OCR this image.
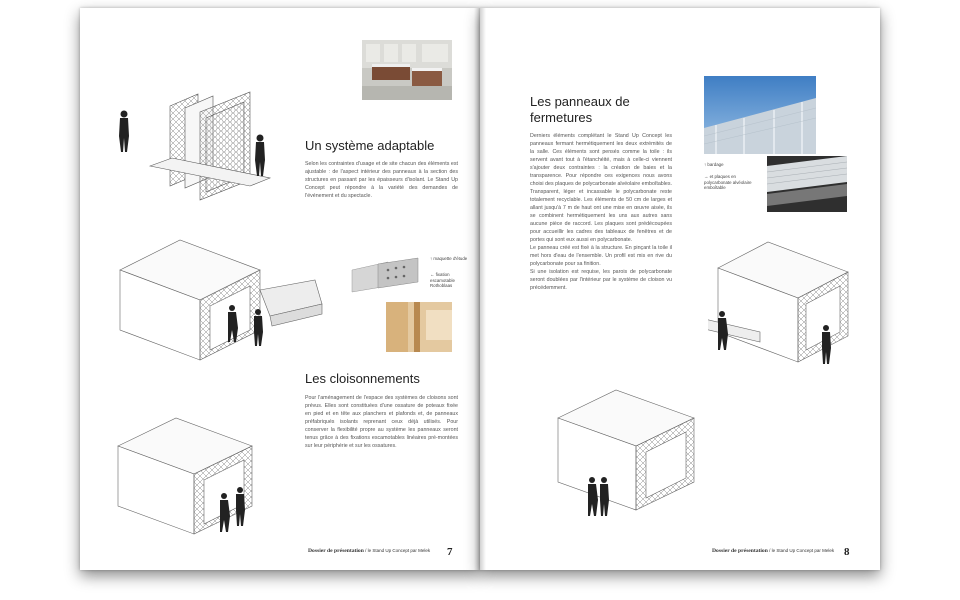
Un système adaptable

Selon les contraintes d'usage et de site chacun des éléments est ajustable : de l'aspect intérieur des panneaux à la section des structures en passant par les épaisseurs d'isolant. Le Stand Up Concept peut répondre à la variété des demandes de l'événement et du spectacle.

↑ maquette d'étude
← fixation escamotable Rothoblaas
Les cloisonnements

Pour l'aménagement de l'espace des systèmes de cloisons sont prévus. Elles sont constituées d'une ossature de poteaux fixée en pied et en tête aux planchers et plafonds et, de panneaux préfabriqués isolants reprenant ceux déjà utilisés. Pour conserver la flexibilité propre au système les panneaux seront tenus grâce à des fixations escamotables linéaires pré-montées sur leur périphérie et sur les ossatures.

Dossier de présentation / le Stand Up Concept par Melek 7
Les panneaux de
fermetures

Derniers éléments complétant le Stand Up Concept les panneaux fermant hermétiquement les deux extrémités de la salle. Ces éléments sont pensés comme la toile : ils servent avant tout à l'étanchéité, mais à celle-ci viennent s'ajouter deux contraintes : la création de baies et la transparence. Pour répondre ces exigences nous avons choisi des plaques de polycarbonate alvéolaire emboîtables. Transparent, léger et incassable le polycarbonate reste totalement recyclable. Les éléments de 50 cm de larges et allant jusqu'à 7 m de haut ont une mise en œuvre aisée, ils se combinent hermétiquement les uns aux autres sans aucune pièce de raccord. Les plaques sont prédécoupées pour accueillir les cadres des tableaux de fenêtres et de portes qui sont eux aussi en polycarbonate.

Le panneau créé est fixé à la structure. En pinçant la toile il met hors d'eau de l'ensemble. Un profil est mis en rive du polycarbonate pour sa finition.

Si une isolation est requise, les parois de polycarbonate seront doublées par l'intérieur par le système de cloison vu précédemment.

↑ bardage
→ et plaques en polycarbonate alvéolaire emboîtable
Dossier de présentation / le Stand Up Concept par Melek 8
